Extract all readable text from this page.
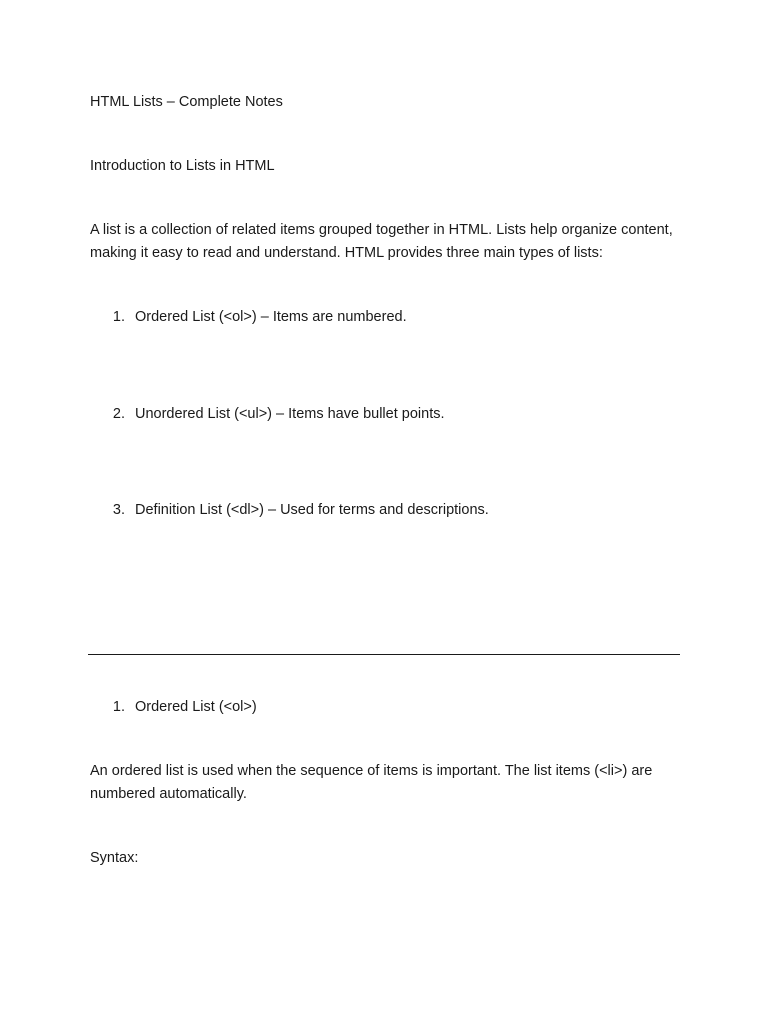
HTML Lists – Complete Notes
Introduction to Lists in HTML
A list is a collection of related items grouped together in HTML. Lists help organize content, making it easy to read and understand. HTML provides three main types of lists:
1. Ordered List (<ol>) – Items are numbered.
2. Unordered List (<ul>) – Items have bullet points.
3. Definition List (<dl>) – Used for terms and descriptions.
1. Ordered List (<ol>)
An ordered list is used when the sequence of items is important. The list items (<li>) are numbered automatically.
Syntax:
